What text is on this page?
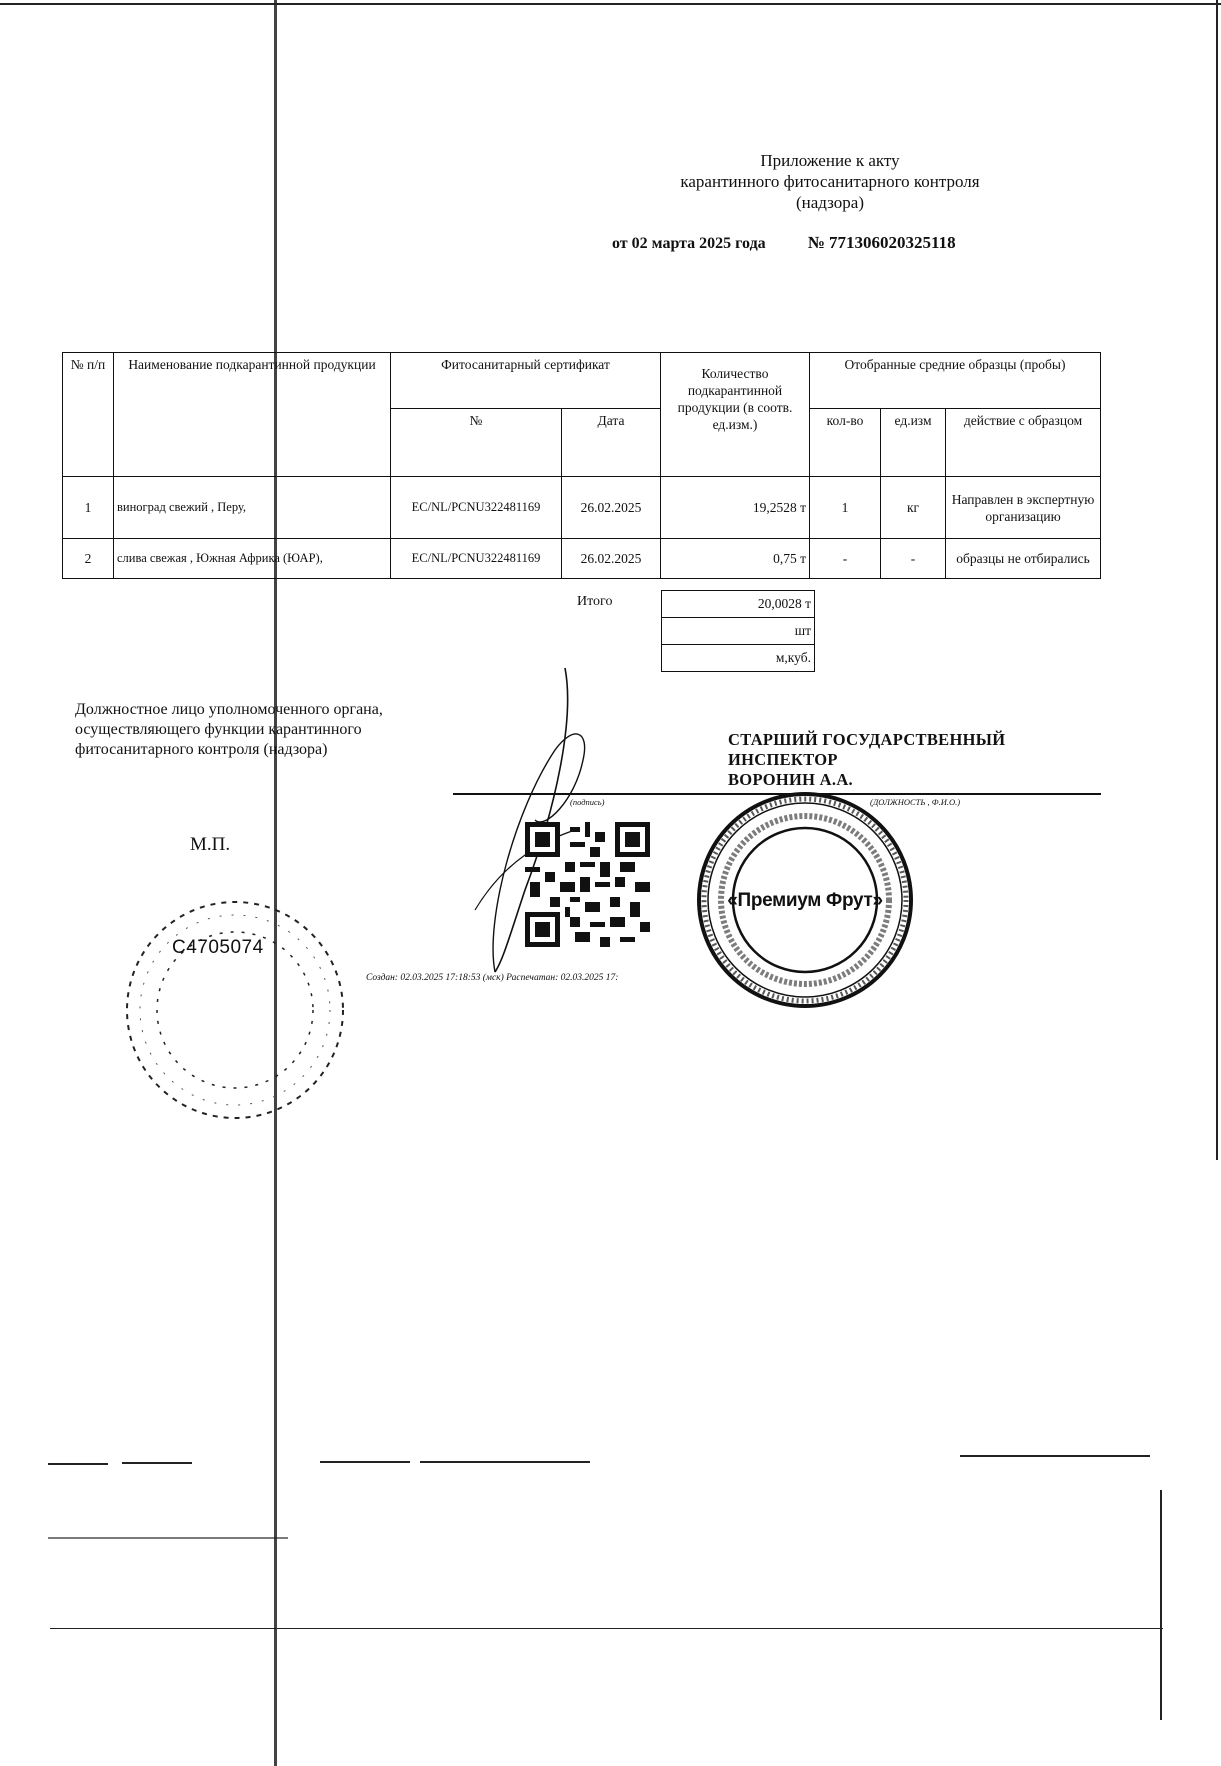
Приложение к акту
карантинного фитосанитарного контроля
(надзора)
от 02 марта 2025 года № 771306020325118
№ п/п	Наименование подкарантинной продукции	Фитосанитарный сертификат		Количество подкарантинной продукции (в соотв. ед.изм.)	Отобранные средние образцы (пробы)		
		№	Дата		кол-во	ед.изм	действие с образцом
1	виноград свежий , Перу,	EC/NL/PCNU322481169	26.02.2025	19,2528 т	1	кг	Направлен в экспертную организацию
2	слива свежая , Южная Африка (ЮАР),	EC/NL/PCNU322481169	26.02.2025	0,75 т	-	-	образцы не отбирались
Итого	20,0028 т
шт
м,куб.
Должностное лицо уполномоченного органа,
осуществляющего функции карантинного
фитосанитарного контроля (надзора)
СТАРШИЙ ГОСУДАРСТВЕННЫЙ
ИНСПЕКТОР
ВОРОНИН А.А.
(подпись)	(ДОЛЖНОСТЬ , Ф.И.О.)
М.П.
Создан: 02.03.2025 17:18:53 (мск) Распечатан: 02.03.2025 17:
C4705074
«Премиум Фрут»
